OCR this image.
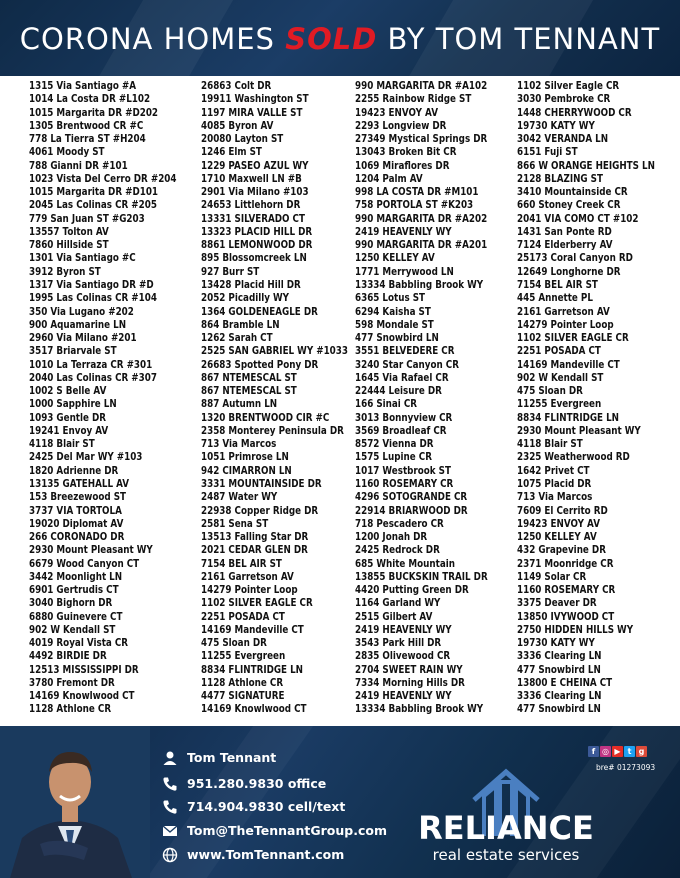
CORONA HOMES SOLD BY TOM TENNANT
1315 Via Santiago #A
1014 La Costa DR #L102
1015 Margarita DR #D202
1305 Brentwood CR #C
778 La Tierra ST #H204
4061 Moody ST
788 Gianni DR #101
1023 Vista Del Cerro DR #204
1015 Margarita DR #D101
2045 Las Colinas CR #205
779 San Juan ST #G203
13557 Tolton AV
7860 Hillside ST
1301 Via Santiago #C
3912 Byron ST
1317 Via Santiago DR #D
1995 Las Colinas CR #104
350 Via Lugano #202
900 Aquamarine LN
2960 Via Milano #201
3517 Briarvale ST
1010 La Terraza CR #301
2040 Las Colinas CR #307
1002 S Belle AV
1000 Sapphire LN
1093 Gentle DR
19241 Envoy AV
4118 Blair ST
2425 Del Mar WY #103
1820 Adrienne DR
13135 GATEHALL AV
153 Breezewood ST
3737 VIA TORTOLA
19020 Diplomat AV
266 CORONADO DR
2930 Mount Pleasant WY
6679 Wood Canyon CT
3442 Moonlight LN
6901 Gertrudis CT
3040 Bighorn DR
6880 Guinevere CT
902 W Kendall ST
4019 Royal Vista CR
4492 BIRDIE DR
12513 MISSISSIPPI DR
3780 Fremont DR
14169 Knowlwood CT
1128 Athlone CR
26863 Colt DR
19911 Washington ST
1197 MIRA VALLE ST
4085 Byron AV
20080 Layton ST
1246 Elm ST
1229 PASEO AZUL WY
1710 Maxwell LN #B
2901 Via Milano #103
24653 Littlehorn DR
13331 SILVERADO CT
13323 PLACID HILL DR
8861 LEMONWOOD DR
895 Blossomcreek LN
927 Burr ST
13428 Placid Hill DR
2052 Picadilly WY
1364 GOLDENEAGLE DR
864 Bramble LN
1262 Sarah CT
2525 SAN GABRIEL WY #1033
26683 Spotted Pony DR
867 NTEMESCAL ST
867 NTEMESCAL ST
887 Autumn LN
1320 BRENTWOOD CIR #C
2358 Monterey Peninsula DR
713 Via Marcos
1051 Primrose LN
942 CIMARRON LN
3331 MOUNTAINSIDE DR
2487 Water WY
22938 Copper Ridge DR
2581 Sena ST
13513 Falling Star DR
2021 CEDAR GLEN DR
7154 BEL AIR ST
2161 Garretson AV
14279 Pointer Loop
1102 SILVER EAGLE CR
2251 POSADA CT
14169 Mandeville CT
475 Sloan DR
11255 Evergreen
8834 FLINTRIDGE LN
1128 Athlone CR
4477 SIGNATURE
14169 Knowlwood CT
990 MARGARITA DR #A102
2255 Rainbow Ridge ST
19423 ENVOY AV
2293 Longview DR
27349 Mystical Springs DR
13043 Broken Bit CR
1069 Miraflores DR
1204 Palm AV
998 LA COSTA DR #M101
758 PORTOLA ST #K203
990 MARGARITA DR #A202
2419 HEAVENLY WY
990 MARGARITA DR #A201
1250 KELLEY AV
1771 Merrywood LN
13334 Babbling Brook WY
6365 Lotus ST
6294 Kaisha ST
598 Mondale ST
477 Snowbird LN
3551 BELVEDERE CR
3240 Star Canyon CR
1645 Via Rafael CR
22444 Leisure DR
166 Sinai CR
3013 Bonnyview CR
3569 Broadleaf CR
8572 Vienna DR
1575 Lupine CR
1017 Westbrook ST
1160 ROSEMARY CR
4296 SOTOGRANDE CR
22914 BRIARWOOD DR
718 Pescadero CR
1200 Jonah DR
2425 Redrock DR
685 White Mountain
13855 BUCKSKIN TRAIL DR
4420 Putting Green DR
1164 Garland WY
2515 Gilbert AV
2419 HEAVENLY WY
3543 Park Hill DR
2835 Olivewood CR
2704 SWEET RAIN WY
7334 Morning Hills DR
2419 HEAVENLY WY
13334 Babbling Brook WY
1102 Silver Eagle CR
3030 Pembroke CR
1448 CHERRYWOOD CR
19730 KATY WY
3042 VERANDA LN
6151 Fuji ST
866 W ORANGE HEIGHTS LN
2128 BLAZING ST
3410 Mountainside CR
660 Stoney Creek CR
2041 VIA COMO CT #102
1431 San Ponte RD
7124 Elderberry AV
25173 Coral Canyon RD
12649 Longhorne DR
7154 BEL AIR ST
445 Annette PL
2161 Garretson AV
14279 Pointer Loop
1102 SILVER EAGLE CR
2251 POSADA CT
14169 Mandeville CT
902 W Kendall ST
475 Sloan DR
11255 Evergreen
8834 FLINTRIDGE LN
2930 Mount Pleasant WY
4118 Blair ST
2325 Weatherwood RD
1642 Privet CT
1075 Placid DR
713 Via Marcos
7609 El Cerrito RD
19423 ENVOY AV
1250 KELLEY AV
432 Grapevine DR
2371 Moonridge CR
1149 Solar CR
1160 ROSEMARY CR
3375 Deaver DR
13850 IVYWOOD CT
2750 HIDDEN HILLS WY
19730 KATY WY
3336 Clearing LN
477 Snowbird LN
13800 E CHEINA CT
3336 Clearing LN
477 Snowbird LN
Tom Tennant
951.280.9830 office
714.904.9830 cell/text
Tom@TheTennantGroup.com
www.TomTennant.com
f ◎ ▶ t g
bre# 01273093
RELIANCE
real estate services
